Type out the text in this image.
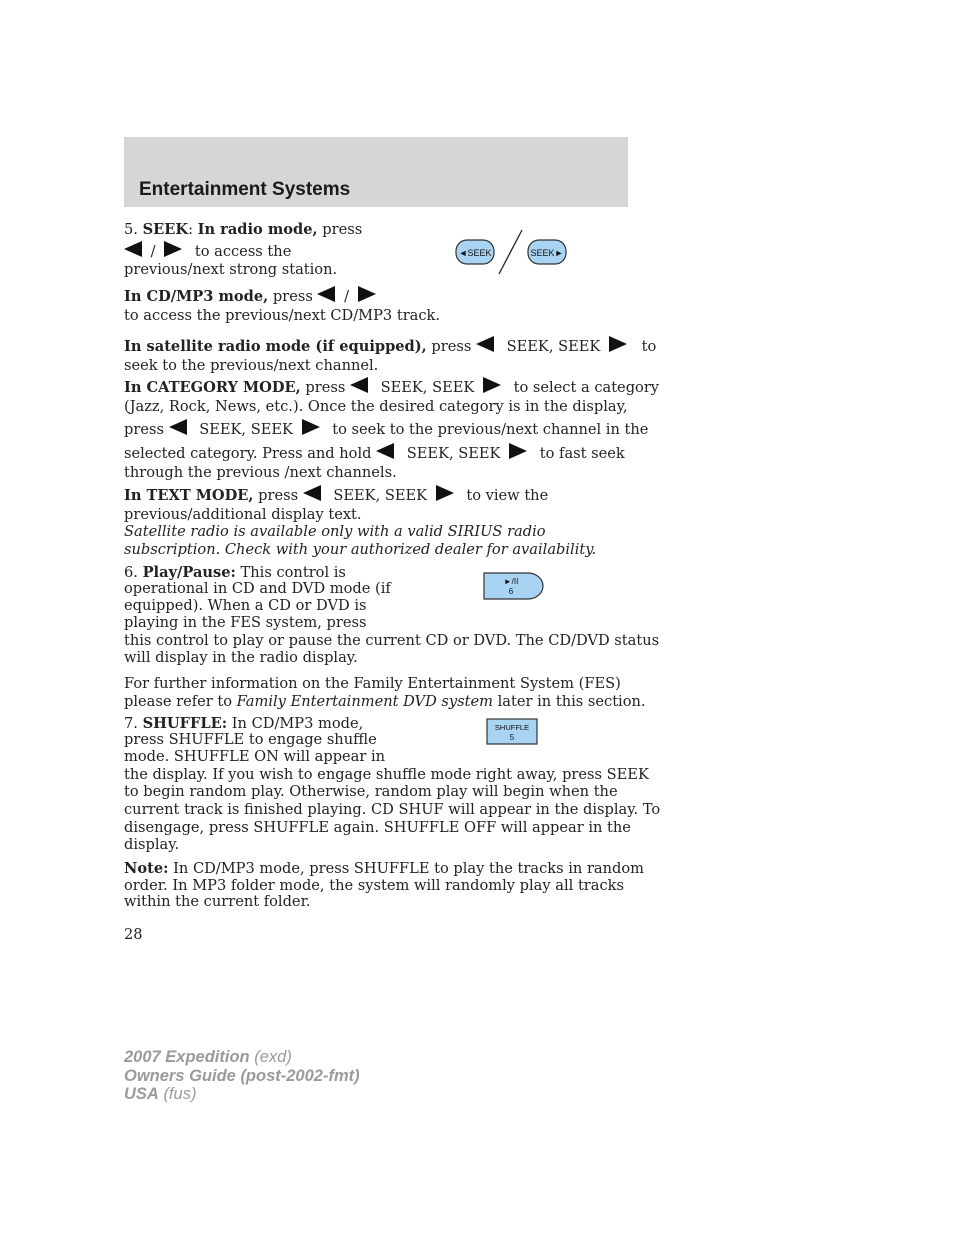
Entertainment Systems
5. SEEK: In radio mode, press
/	to access the
previous/next strong station.
◄SEEK	SEEK►
In CD/MP3 mode, press /
to access the previous/next CD/MP3 track.
In satellite radio mode (if equipped), press SEEK, SEEK	to
seek to the previous/next channel.
In CATEGORY MODE, press SEEK, SEEK	to select a category
(Jazz, Rock, News, etc.). Once the desired category is in the display,
press SEEK, SEEK	to seek to the previous/next channel in the
selected category. Press and hold SEEK, SEEK	to fast seek
through the previous /next channels.
In TEXT MODE, press SEEK, SEEK	to view the
previous/additional display text.
Satellite radio is available only with a valid SIRIUS radio
subscription. Check with your authorized dealer for availability.
6. Play/Pause: This control is
operational in CD and DVD mode (if
equipped). When a CD or DVD is
playing in the FES system, press
this control to play or pause the current CD or DVD. The CD/DVD status
will display in the radio display.
►/II
6
For further information on the Family Entertainment System (FES)
please refer to Family Entertainment DVD system later in this section.
7. SHUFFLE: In CD/MP3 mode,
press SHUFFLE to engage shuffle
mode. SHUFFLE ON will appear in
the display. If you wish to engage shuffle mode right away, press SEEK
to begin random play. Otherwise, random play will begin when the
current track is finished playing. CD SHUF will appear in the display. To
disengage, press SHUFFLE again. SHUFFLE OFF will appear in the
display.
SHUFFLE
5
Note: In CD/MP3 mode, press SHUFFLE to play the tracks in random
order. In MP3 folder mode, the system will randomly play all tracks
within the current folder.
28
2007 Expedition (exd)
Owners Guide (post-2002-fmt)
USA (fus)
